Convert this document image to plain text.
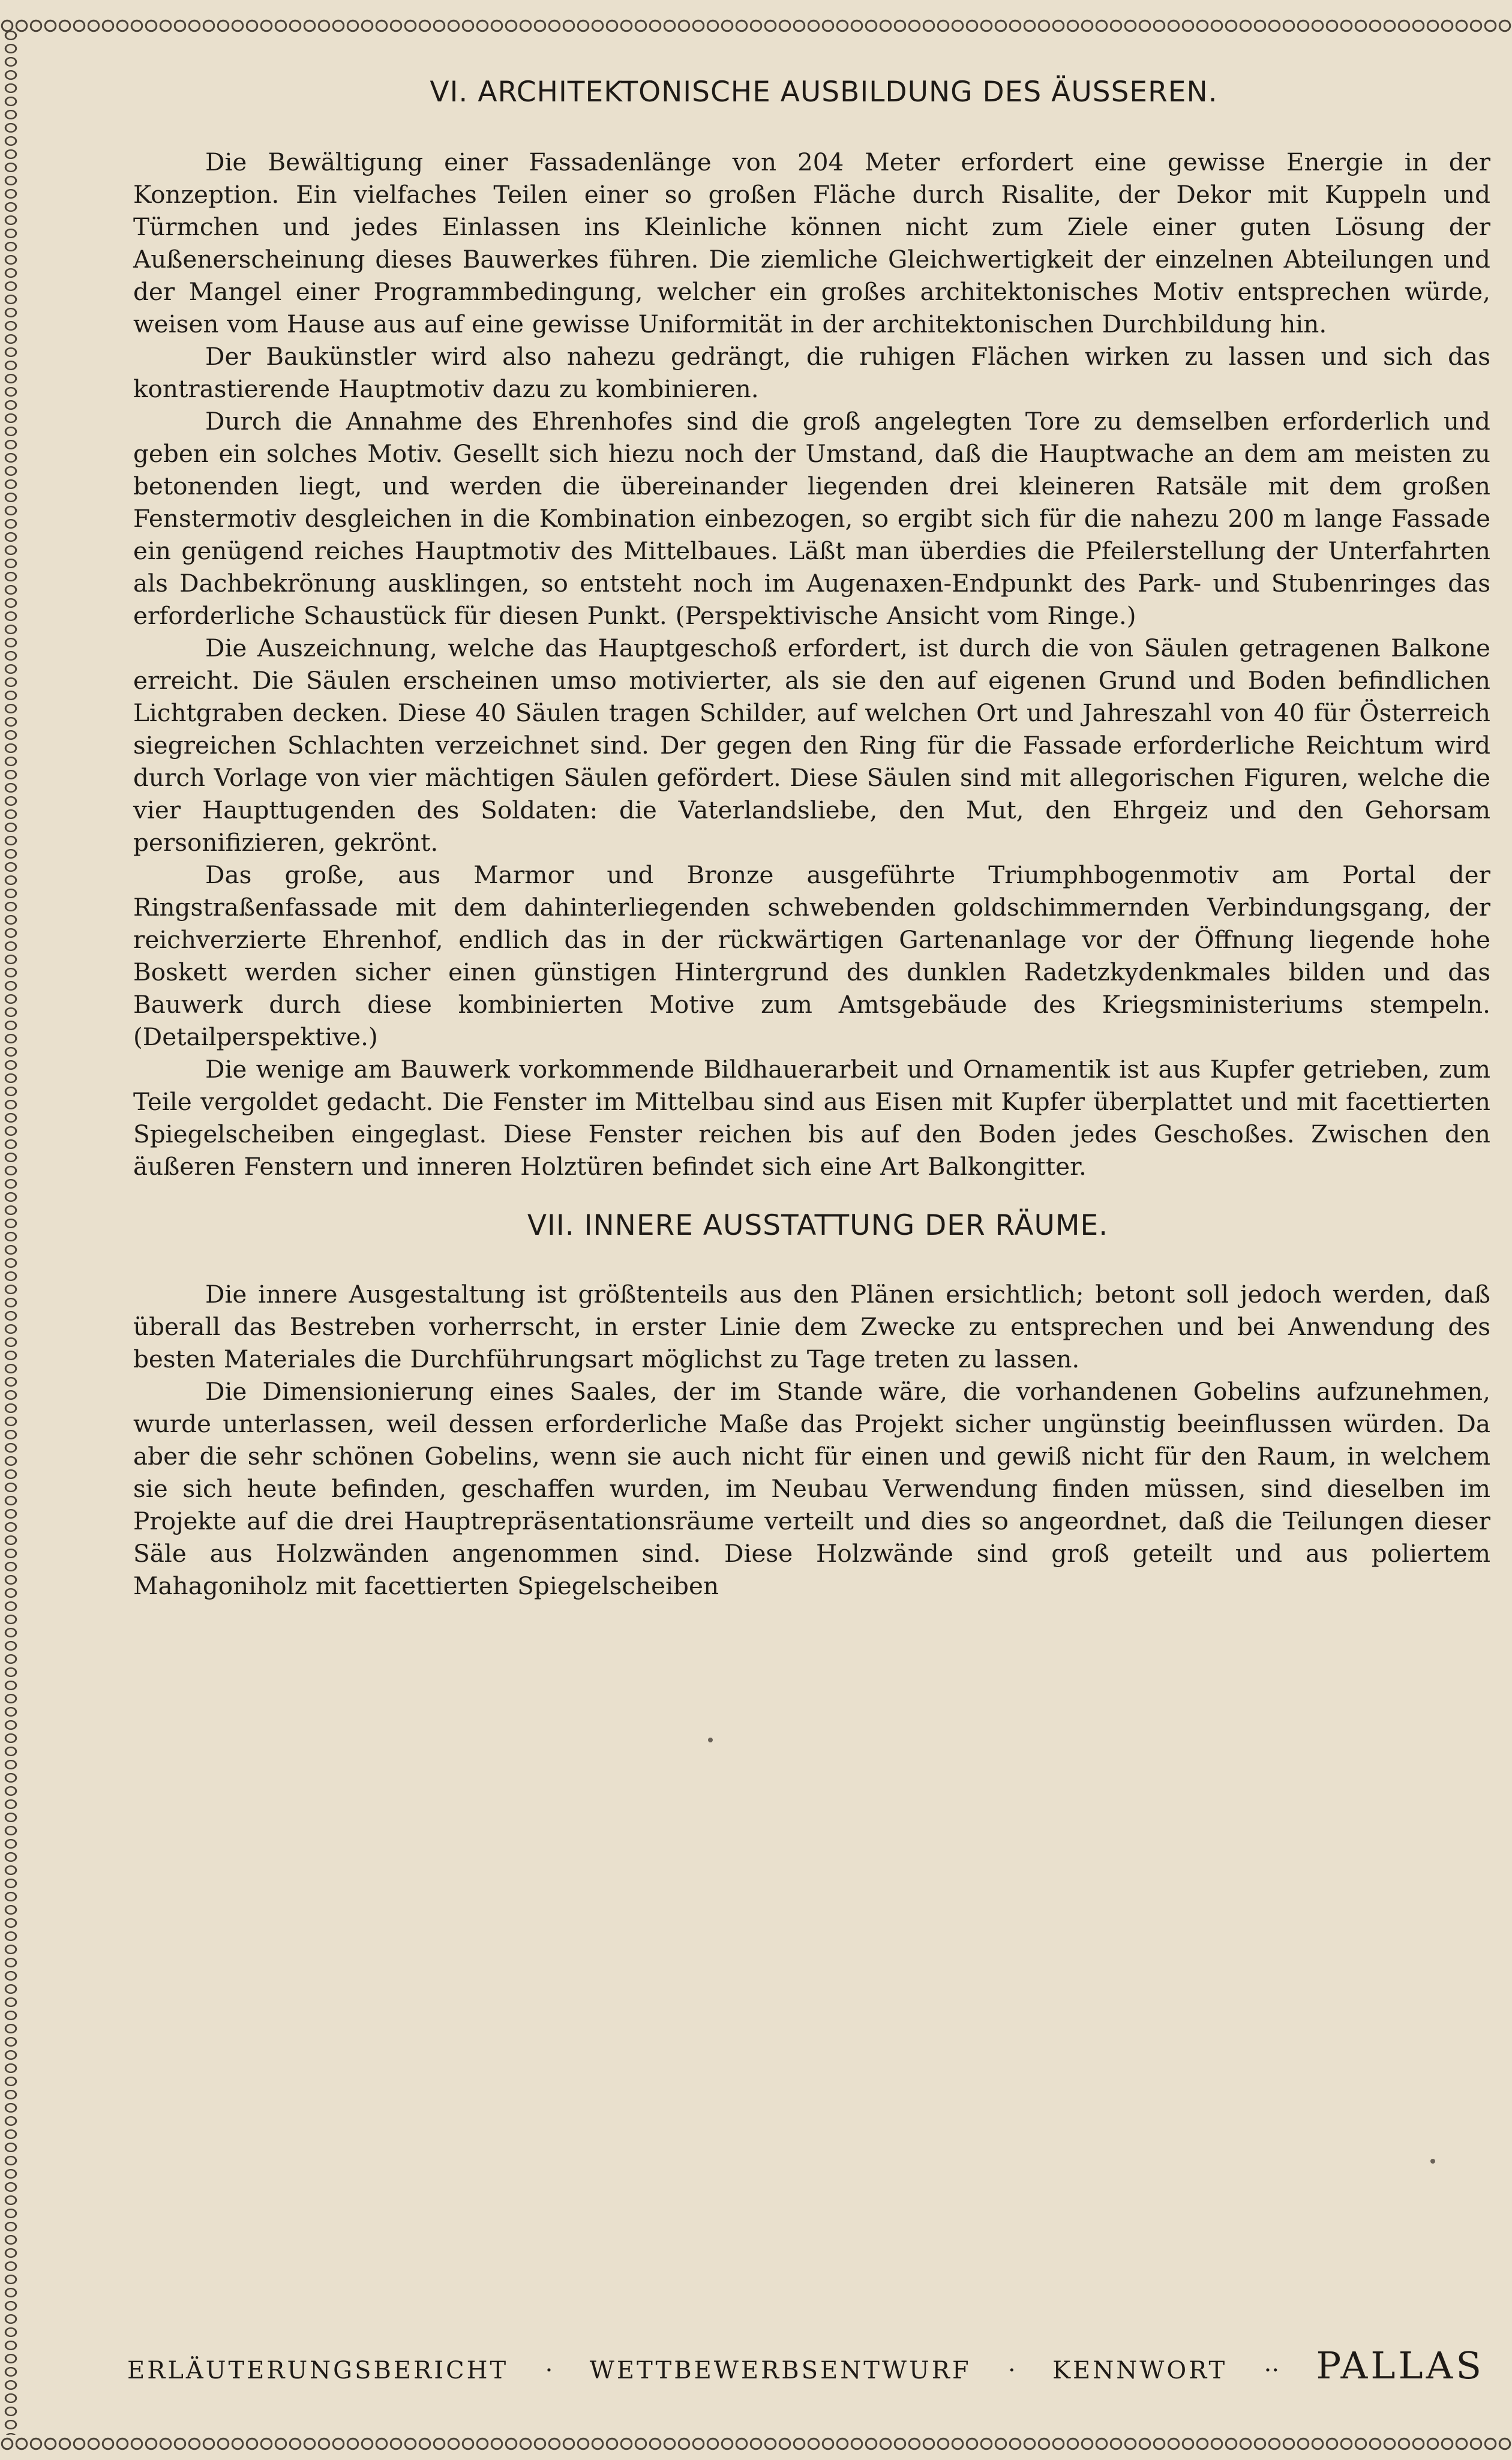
VI. ARCHITEKTONISCHE AUSBILDUNG DES ÄUSSEREN.

Die Bewältigung einer Fassadenlänge von 204 Meter erfordert eine gewisse Energie in der Konzeption. Ein vielfaches Teilen einer so großen Fläche durch Risalite, der Dekor mit Kuppeln und Türmchen und jedes Einlassen ins Kleinliche können nicht zum Ziele einer guten Lösung der Außenerscheinung dieses Bauwerkes führen. Die ziemliche Gleichwertigkeit der einzelnen Abteilungen und der Mangel einer Programmbedingung, welcher ein großes architektonisches Motiv entsprechen würde, weisen vom Hause aus auf eine gewisse Uniformität in der architektonischen Durchbildung hin.

Der Baukünstler wird also nahezu gedrängt, die ruhigen Flächen wirken zu lassen und sich das kontrastierende Hauptmotiv dazu zu kombinieren.

Durch die Annahme des Ehrenhofes sind die groß angelegten Tore zu demselben erforderlich und geben ein solches Motiv. Gesellt sich hiezu noch der Umstand, daß die Hauptwache an dem am meisten zu betonenden liegt, und werden die übereinander liegenden drei kleineren Ratsäle mit dem großen Fenstermotiv desgleichen in die Kombination einbezogen, so ergibt sich für die nahezu 200 m lange Fassade ein genügend reiches Hauptmotiv des Mittelbaues. Läßt man überdies die Pfeilerstellung der Unterfahrten als Dachbekrönung ausklingen, so entsteht noch im Augenaxen-Endpunkt des Park- und Stubenringes das erforderliche Schaustück für diesen Punkt. (Perspektivische Ansicht vom Ringe.)

Die Auszeichnung, welche das Hauptgeschoß erfordert, ist durch die von Säulen getragenen Balkone erreicht. Die Säulen erscheinen umso motivierter, als sie den auf eigenen Grund und Boden befindlichen Lichtgraben decken. Diese 40 Säulen tragen Schilder, auf welchen Ort und Jahreszahl von 40 für Österreich siegreichen Schlachten verzeichnet sind. Der gegen den Ring für die Fassade erforderliche Reichtum wird durch Vorlage von vier mächtigen Säulen gefördert. Diese Säulen sind mit allegorischen Figuren, welche die vier Haupttugenden des Soldaten: die Vaterlandsliebe, den Mut, den Ehrgeiz und den Gehorsam personifizieren, gekrönt.

Das große, aus Marmor und Bronze ausgeführte Triumphbogenmotiv am Portal der Ringstraßenfassade mit dem dahinterliegenden schwebenden goldschimmernden Verbindungsgang, der reichverzierte Ehrenhof, endlich das in der rückwärtigen Gartenanlage vor der Öffnung liegende hohe Boskett werden sicher einen günstigen Hintergrund des dunklen Radetzkydenkmales bilden und das Bauwerk durch diese kombinierten Motive zum Amtsgebäude des Kriegsministeriums stempeln. (Detailperspektive.)

Die wenige am Bauwerk vorkommende Bildhauerarbeit und Ornamentik ist aus Kupfer getrieben, zum Teile vergoldet gedacht. Die Fenster im Mittelbau sind aus Eisen mit Kupfer überplattet und mit facettierten Spiegelscheiben eingeglast. Diese Fenster reichen bis auf den Boden jedes Geschoßes. Zwischen den äußeren Fenstern und inneren Holztüren befindet sich eine Art Balkongitter.

VII. INNERE AUSSTATTUNG DER RÄUME.

Die innere Ausgestaltung ist größtenteils aus den Plänen ersichtlich; betont soll jedoch werden, daß überall das Bestreben vorherrscht, in erster Linie dem Zwecke zu entsprechen und bei Anwendung des besten Materiales die Durchführungsart möglichst zu Tage treten zu lassen.

Die Dimensionierung eines Saales, der im Stande wäre, die vorhandenen Gobelins aufzunehmen, wurde unterlassen, weil dessen erforderliche Maße das Projekt sicher ungünstig beeinflussen würden. Da aber die sehr schönen Gobelins, wenn sie auch nicht für einen und gewiß nicht für den Raum, in welchem sie sich heute befinden, geschaffen wurden, im Neubau Verwendung finden müssen, sind dieselben im Projekte auf die drei Hauptrepräsentationsräume verteilt und dies so angeordnet, daß die Teilungen dieser Säle aus Holzwänden angenommen sind. Diese Holzwände sind groß geteilt und aus poliertem Mahagoniholz mit facettierten Spiegelscheiben

ERLÄUTERUNGSBERICHT · WETTBEWERBSENTWURF · KENNWORT ·· PALLAS
